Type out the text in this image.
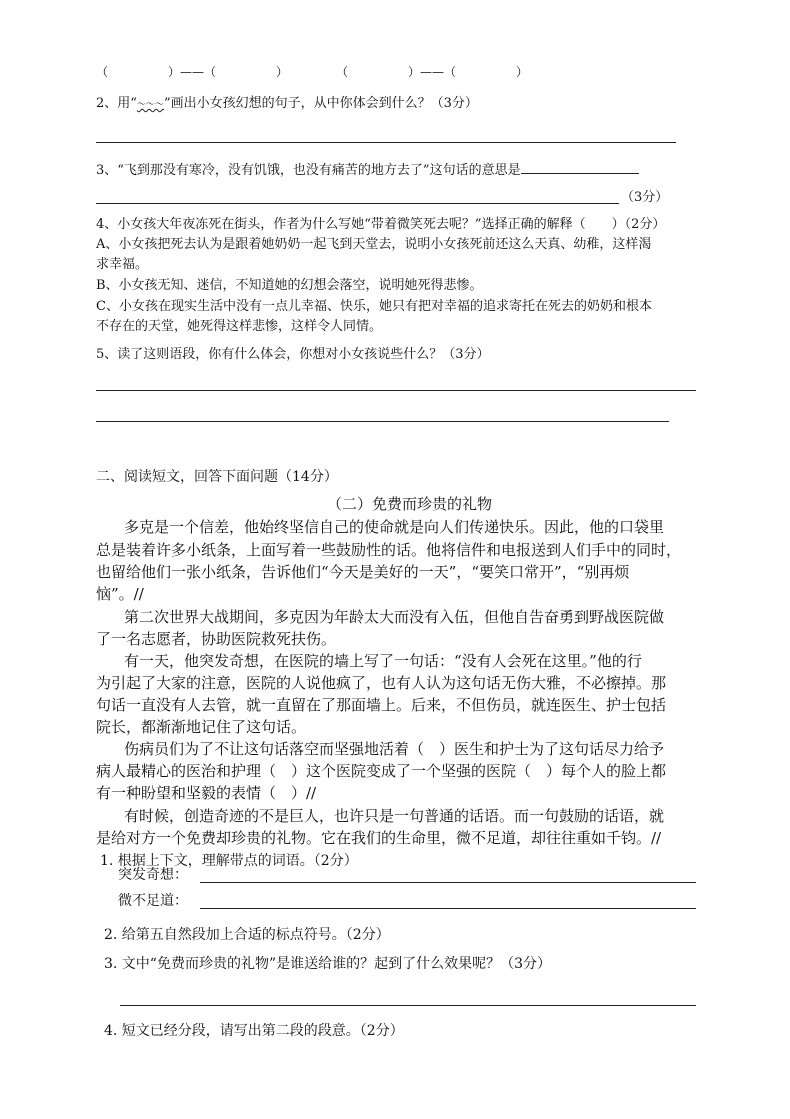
（　　　　　）——（　　　　　）　　　　　（　　　　　）——（　　　　　）
2、用“～～～”画出小女孩幻想的句子，从中你体会到什么？（3分）
3、“飞到那没有寒冷，没有饥饿，也没有痛苦的地方去了”这句话的意思是
（3分）
4、小女孩大年夜冻死在街头，作者为什么写她“带着微笑死去呢？”选择正确的解释（　　）（2分）
A、小女孩把死去认为是跟着她奶奶一起飞到天堂去，说明小女孩死前还这么天真、幼稚，这样渴
求幸福。
B、小女孩无知、迷信，不知道她的幻想会落空，说明她死得悲惨。
C、小女孩在现实生活中没有一点儿幸福、快乐，她只有把对幸福的追求寄托在死去的奶奶和根本
不存在的天堂，她死得这样悲惨，这样令人同情。
5、读了这则语段，你有什么体会，你想对小女孩说些什么？（3分）
二、阅读短文，回答下面问题（14分）
（二）免费而珍贵的礼物
多克是一个信差，他始终坚信自己的使命就是向人们传递快乐。因此，他的口袋里
总是装着许多小纸条，上面写着一些鼓励性的话。他将信件和电报送到人们手中的同时，
也留给他们一张小纸条，告诉他们“今天是美好的一天”，“要笑口常开”，“别再烦
恼”。//
第二次世界大战期间，多克因为年龄太大而没有入伍，但他自告奋勇到野战医院做
了一名志愿者，协助医院救死扶伤。
有一天，他突发奇想，在医院的墙上写了一句话：“没有人会死在这里。”他的行
为引起了大家的注意，医院的人说他疯了，也有人认为这句话无伤大雅，不必擦掉。那
句话一直没有人去管，就一直留在了那面墙上。后来，不但伤员，就连医生、护士包括
院长，都渐渐地记住了这句话。
伤病员们为了不让这句话落空而坚强地活着（　）医生和护士为了这句话尽力给予
病人最精心的医治和护理（　）这个医院变成了一个坚强的医院（　）每个人的脸上都
有一种盼望和坚毅的表情（　）//
有时候，创造奇迹的不是巨人，也许只是一句普通的话语。而一句鼓励的话语，就
是给对方一个免费却珍贵的礼物。它在我们的生命里，微不足道，却往往重如千钧。//
1. 根据上下文，理解带点的词语。（2分）
突发奇想：
微不足道：
2. 给第五自然段加上合适的标点符号。（2分）
3. 文中“免费而珍贵的礼物”是谁送给谁的？起到了什么效果呢？（3分）
4. 短文已经分段，请写出第二段的段意。（2分）
